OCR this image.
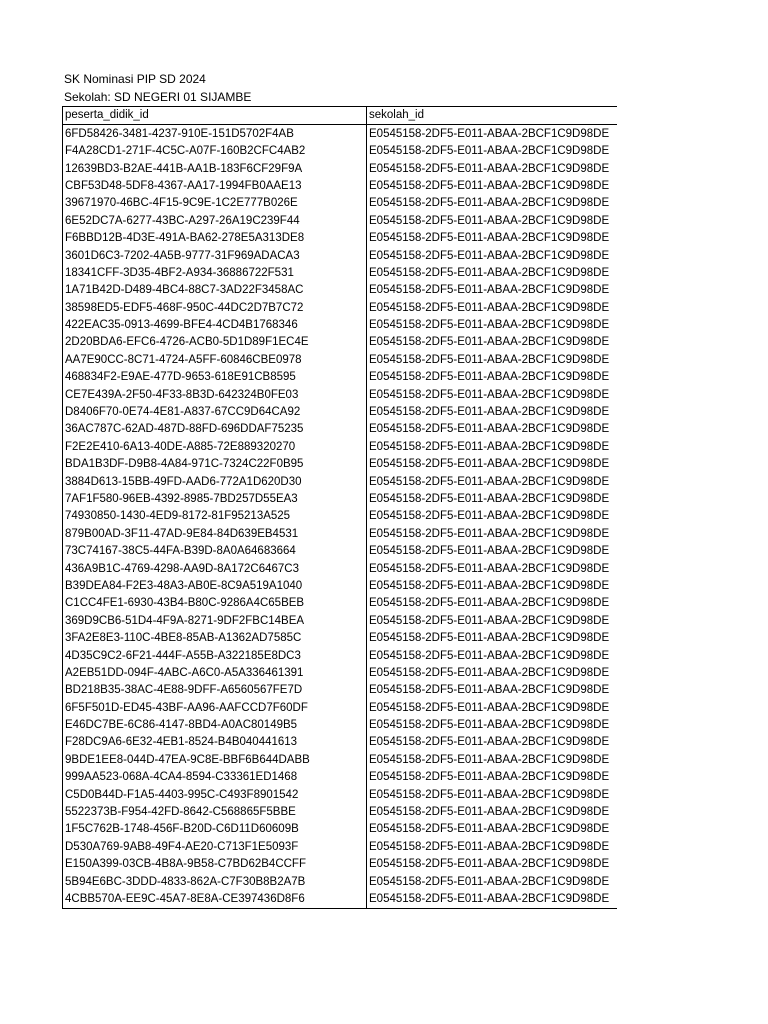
SK Nominasi PIP SD 2024
Sekolah: SD NEGERI 01 SIJAMBE
peserta_didik_id	sekolah_id
6FD58426-3481-4237-910E-151D5702F4AB	E0545158-2DF5-E011-ABAA-2BCF1C9D98DE
F4A28CD1-271F-4C5C-A07F-160B2CFC4AB2	E0545158-2DF5-E011-ABAA-2BCF1C9D98DE
12639BD3-B2AE-441B-AA1B-183F6CF29F9A	E0545158-2DF5-E011-ABAA-2BCF1C9D98DE
CBF53D48-5DF8-4367-AA17-1994FB0AAE13	E0545158-2DF5-E011-ABAA-2BCF1C9D98DE
39671970-46BC-4F15-9C9E-1C2E777B026E	E0545158-2DF5-E011-ABAA-2BCF1C9D98DE
6E52DC7A-6277-43BC-A297-26A19C239F44	E0545158-2DF5-E011-ABAA-2BCF1C9D98DE
F6BBD12B-4D3E-491A-BA62-278E5A313DE8	E0545158-2DF5-E011-ABAA-2BCF1C9D98DE
3601D6C3-7202-4A5B-9777-31F969ADACA3	E0545158-2DF5-E011-ABAA-2BCF1C9D98DE
18341CFF-3D35-4BF2-A934-36886722F531	E0545158-2DF5-E011-ABAA-2BCF1C9D98DE
1A71B42D-D489-4BC4-88C7-3AD22F3458AC	E0545158-2DF5-E011-ABAA-2BCF1C9D98DE
38598ED5-EDF5-468F-950C-44DC2D7B7C72	E0545158-2DF5-E011-ABAA-2BCF1C9D98DE
422EAC35-0913-4699-BFE4-4CD4B1768346	E0545158-2DF5-E011-ABAA-2BCF1C9D98DE
2D20BDA6-EFC6-4726-ACB0-5D1D89F1EC4E	E0545158-2DF5-E011-ABAA-2BCF1C9D98DE
AA7E90CC-8C71-4724-A5FF-60846CBE0978	E0545158-2DF5-E011-ABAA-2BCF1C9D98DE
468834F2-E9AE-477D-9653-618E91CB8595	E0545158-2DF5-E011-ABAA-2BCF1C9D98DE
CE7E439A-2F50-4F33-8B3D-642324B0FE03	E0545158-2DF5-E011-ABAA-2BCF1C9D98DE
D8406F70-0E74-4E81-A837-67CC9D64CA92	E0545158-2DF5-E011-ABAA-2BCF1C9D98DE
36AC787C-62AD-487D-88FD-696DDAF75235	E0545158-2DF5-E011-ABAA-2BCF1C9D98DE
F2E2E410-6A13-40DE-A885-72E889320270	E0545158-2DF5-E011-ABAA-2BCF1C9D98DE
BDA1B3DF-D9B8-4A84-971C-7324C22F0B95	E0545158-2DF5-E011-ABAA-2BCF1C9D98DE
3884D613-15BB-49FD-AAD6-772A1D620D30	E0545158-2DF5-E011-ABAA-2BCF1C9D98DE
7AF1F580-96EB-4392-8985-7BD257D55EA3	E0545158-2DF5-E011-ABAA-2BCF1C9D98DE
74930850-1430-4ED9-8172-81F95213A525	E0545158-2DF5-E011-ABAA-2BCF1C9D98DE
879B00AD-3F11-47AD-9E84-84D639EB4531	E0545158-2DF5-E011-ABAA-2BCF1C9D98DE
73C74167-38C5-44FA-B39D-8A0A64683664	E0545158-2DF5-E011-ABAA-2BCF1C9D98DE
436A9B1C-4769-4298-AA9D-8A172C6467C3	E0545158-2DF5-E011-ABAA-2BCF1C9D98DE
B39DEA84-F2E3-48A3-AB0E-8C9A519A1040	E0545158-2DF5-E011-ABAA-2BCF1C9D98DE
C1CC4FE1-6930-43B4-B80C-9286A4C65BEB	E0545158-2DF5-E011-ABAA-2BCF1C9D98DE
369D9CB6-51D4-4F9A-8271-9DF2FBC14BEA	E0545158-2DF5-E011-ABAA-2BCF1C9D98DE
3FA2E8E3-110C-4BE8-85AB-A1362AD7585C	E0545158-2DF5-E011-ABAA-2BCF1C9D98DE
4D35C9C2-6F21-444F-A55B-A322185E8DC3	E0545158-2DF5-E011-ABAA-2BCF1C9D98DE
A2EB51DD-094F-4ABC-A6C0-A5A336461391	E0545158-2DF5-E011-ABAA-2BCF1C9D98DE
BD218B35-38AC-4E88-9DFF-A6560567FE7D	E0545158-2DF5-E011-ABAA-2BCF1C9D98DE
6F5F501D-ED45-43BF-AA96-AAFCCD7F60DF	E0545158-2DF5-E011-ABAA-2BCF1C9D98DE
E46DC7BE-6C86-4147-8BD4-A0AC80149B5	E0545158-2DF5-E011-ABAA-2BCF1C9D98DE
F28DC9A6-6E32-4EB1-8524-B4B040441613	E0545158-2DF5-E011-ABAA-2BCF1C9D98DE
9BDE1EE8-044D-47EA-9C8E-BBF6B644DABB	E0545158-2DF5-E011-ABAA-2BCF1C9D98DE
999AA523-068A-4CA4-8594-C33361ED1468	E0545158-2DF5-E011-ABAA-2BCF1C9D98DE
C5D0B44D-F1A5-4403-995C-C493F8901542	E0545158-2DF5-E011-ABAA-2BCF1C9D98DE
5522373B-F954-42FD-8642-C568865F5BBE	E0545158-2DF5-E011-ABAA-2BCF1C9D98DE
1F5C762B-1748-456F-B20D-C6D11D60609B	E0545158-2DF5-E011-ABAA-2BCF1C9D98DE
D530A769-9AB8-49F4-AE20-C713F1E5093F	E0545158-2DF5-E011-ABAA-2BCF1C9D98DE
E150A399-03CB-4B8A-9B58-C7BD62B4CCFF	E0545158-2DF5-E011-ABAA-2BCF1C9D98DE
5B94E6BC-3DDD-4833-862A-C7F30B8B2A7B	E0545158-2DF5-E011-ABAA-2BCF1C9D98DE
4CBB570A-EE9C-45A7-8E8A-CE397436D8F6	E0545158-2DF5-E011-ABAA-2BCF1C9D98DE
